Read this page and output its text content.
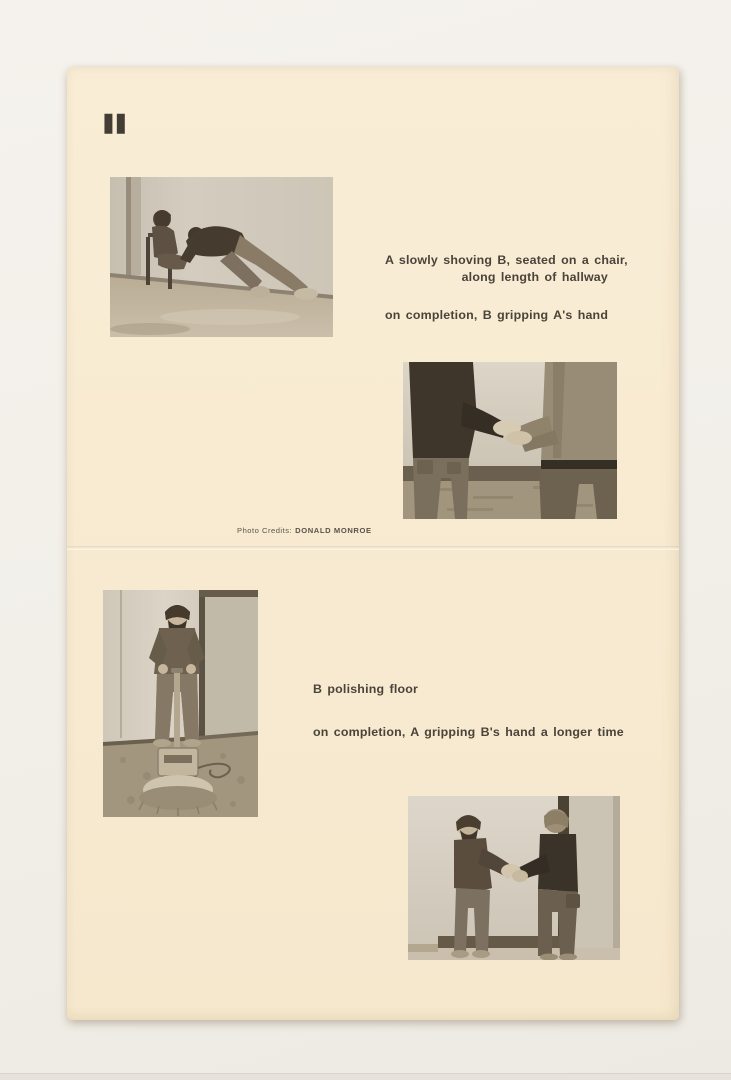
II
A slowly shoving B, seated on a chair,
along length of hallway
on completion, B gripping A's hand
Photo Credits: DONALD MONROE
B polishing floor
on completion, A gripping B's hand a longer time
